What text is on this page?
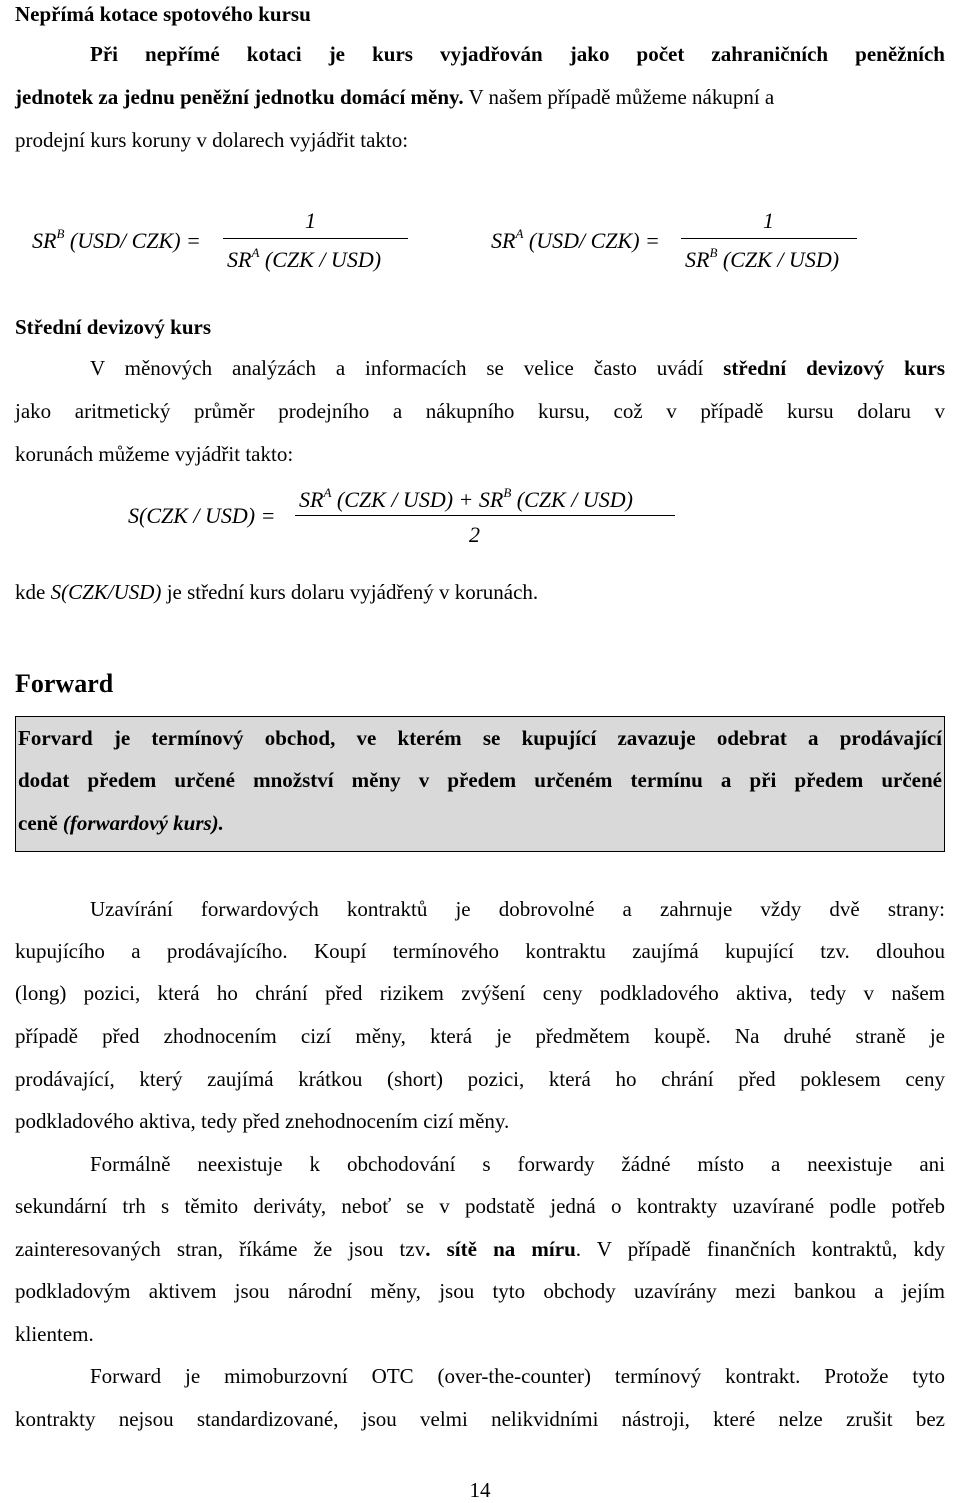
Nepřímá kotace spotového kursu
Při nepřímé kotaci je kurs vyjadřován jako počet zahraničních peněžních
jednotek za jednu peněžní jednotku domácí měny. V našem případě můžeme nákupní a
prodejní kurs koruny v dolarech vyjádřit takto:
$SR^B$ (USD/ CZK) =
1
$SR^A$ (CZK / USD)
$SR^A$ (USD/ CZK) =
1
$SR^B$ (CZK / USD)
Střední devizový kurs
V měnových analýzách a informacích se velice často uvádí střední devizový kurs
jako aritmetický průměr prodejního a nákupního kursu, což v případě kursu dolaru v
korunách můžeme vyjádřit takto:
S(CZK / USD) =
$SR^A$ $(CZK / USD) + SR^B$ (CZK / USD)
2
kde S(CZK/USD) je střední kurs dolaru vyjádřený v korunách.
Forward
Forvard je termínový obchod, ve kterém se kupující zavazuje odebrat a prodávající
dodat předem určené množství měny v předem určeném termínu a při předem určené
ceně (forwardový kurs).
Uzavírání forwardových kontraktů je dobrovolné a zahrnuje vždy dvě strany:
kupujícího a prodávajícího. Koupí termínového kontraktu zaujímá kupující tzv. dlouhou
(long) pozici, která ho chrání před rizikem zvýšení ceny podkladového aktiva, tedy v našem
případě před zhodnocením cizí měny, která je předmětem koupě. Na druhé straně je
prodávající, který zaujímá krátkou (short) pozici, která ho chrání před poklesem ceny
podkladového aktiva, tedy před znehodnocením cizí měny.
Formálně neexistuje k obchodování s forwardy žádné místo a neexistuje ani
sekundární trh s těmito deriváty, neboť se v podstatě jedná o kontrakty uzavírané podle potřeb
zainteresovaných stran, říkáme že jsou tzv. sítě na míru. V případě finančních kontraktů, kdy
podkladovým aktivem jsou národní měny, jsou tyto obchody uzavírány mezi bankou a jejím
klientem.
Forward je mimoburzovní OTC (over-the-counter) termínový kontrakt. Protože tyto
kontrakty nejsou standardizované, jsou velmi nelikvidními nástroji, které nelze zrušit bez
14
